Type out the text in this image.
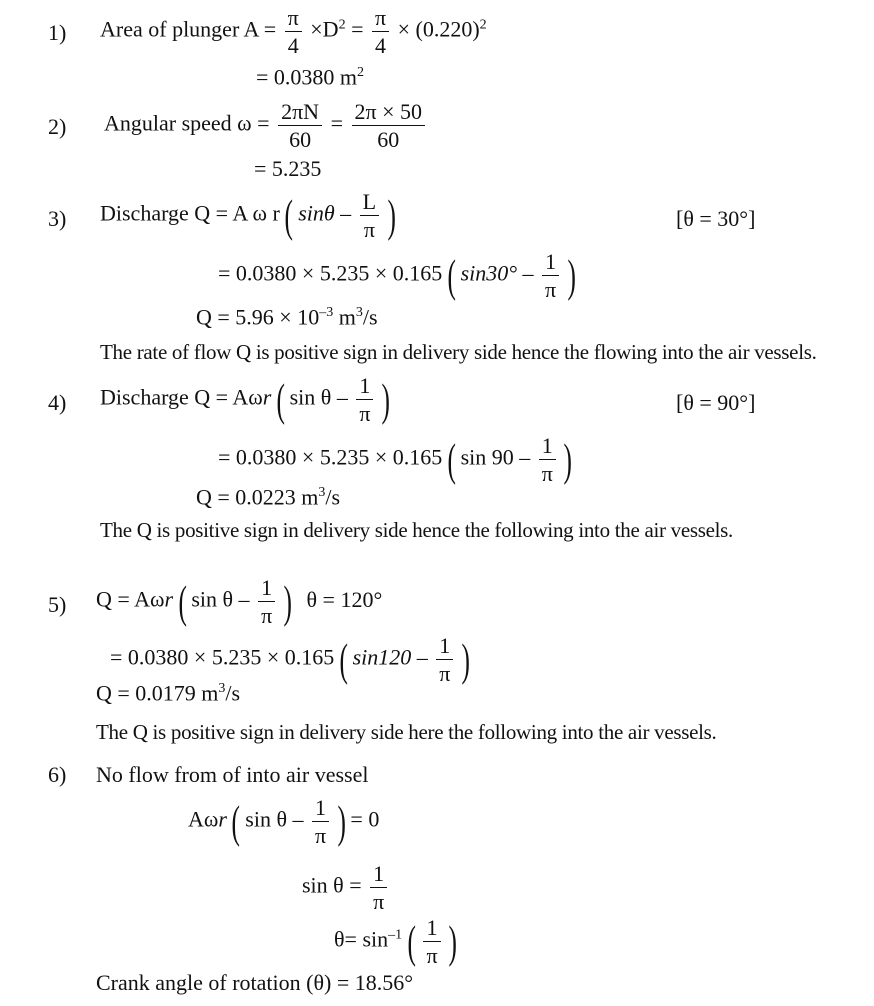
1) Area of plunger $A = \frac{\pi}{4} \times D^2 = \frac{\pi}{4} \times (0.220)^2$
= 0.0380 $m^2$
2) Angular speed $\omega = \frac{2\pi N}{60} = \frac{2\pi \times 50}{60}$
= 5.235
3) Discharge Q = A ω r ( sinθ – $\frac{L}{\pi}$ )	[θ = 30°]
= 0.0380 × 5.235 × 0.165 ( $\sin 30^\circ - \frac{1}{\pi}$ )
$Q = 5.96 \times 10^{-3}$ $m^3/s$
The rate of flow Q is positive sign in delivery side hence the flowing into the air vessels.
4) Discharge Q = Aωr ( sin θ – $\frac{1}{\pi}$ )	[θ = 90°]
= 0.0380 × 5.235 × 0.165 ( $\sin 90 - \frac{1}{\pi}$ )
Q = 0.0223 $m^3/s$
The Q is positive sign in delivery side hence the following into the air vessels.
5) Q = Aωr ( sin θ – $\frac{1}{\pi}$ ) θ = 120°
= 0.0380 × 5.235 × 0.165 ( $\sin 120 - \frac{1}{\pi}$ )
Q = 0.0179 $m^3/s$
The Q is positive sign in delivery side here the following into the air vessels.
6) No flow from of into air vessel
Aωr ( sin θ – $\frac{1}{\pi}$ ) = 0
$\sin \theta = \frac{1}{\pi}$
$\theta= \sin^{-1}$ ( $\frac{1}{\pi}$ )
Crank angle of rotation (θ) = 18.56°
